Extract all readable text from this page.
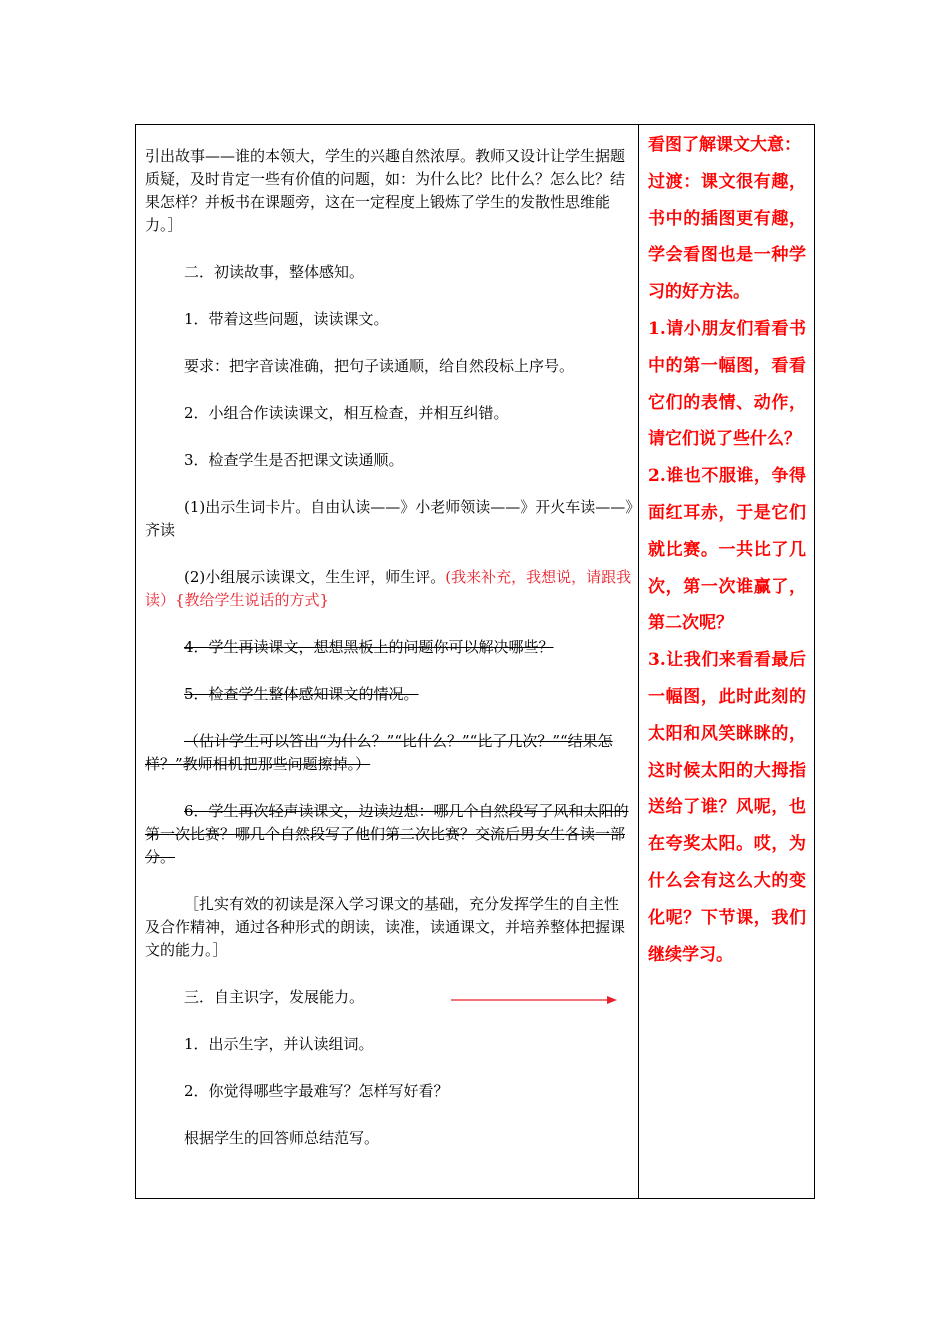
引出故事——谁的本领大，学生的兴趣自然浓厚。教师又设计让学生据题质疑，及时肯定一些有价值的问题，如：为什么比？比什么？怎么比？结果怎样？并板书在课题旁，这在一定程度上锻炼了学生的发散性思维能力。］

二．初读故事，整体感知。

1．带着这些问题，读读课文。

要求：把字音读准确，把句子读通顺，给自然段标上序号。

2．小组合作读读课文，相互检查，并相互纠错。

3．检查学生是否把课文读通顺。

(1)出示生词卡片。自由认读——》小老师领读——》开火车读——》齐读

(2)小组展示读课文，生生评，师生评。(我来补充，我想说，请跟我读）{教给学生说话的方式}

4．学生再读课文，想想黑板上的问题你可以解决哪些？

5．检查学生整体感知课文的情况。

（估计学生可以答出“为什么？”“比什么？”“比了几次？”“结果怎样？”教师相机把那些问题擦掉。）

6．学生再次轻声读课文，边读边想：哪几个自然段写了风和太阳的第一次比赛？哪几个自然段写了他们第二次比赛？交流后男女生各读一部分。

［扎实有效的初读是深入学习课文的基础，充分发挥学生的自主性及合作精神，通过各种形式的朗读，读准，读通课文，并培养整体把握课文的能力。］

三．自主识字，发展能力。

1．出示生字，并认读组词。

2．你觉得哪些字最难写？怎样写好看？

根据学生的回答师总结范写。

看图了解课文大意：

过渡：课文很有趣，书中的插图更有趣，学会看图也是一种学习的好方法。

1.请小朋友们看看书中的第一幅图，看看它们的表情、动作，请它们说了些什么？

2.谁也不服谁，争得面红耳赤，于是它们就比赛。一共比了几次，第一次谁赢了，第二次呢？

3.让我们来看看最后一幅图，此时此刻的太阳和风笑眯眯的，这时候太阳的大拇指送给了谁？风呢，也在夸奖太阳。哎，为什么会有这么大的变化呢？下节课，我们继续学习。
